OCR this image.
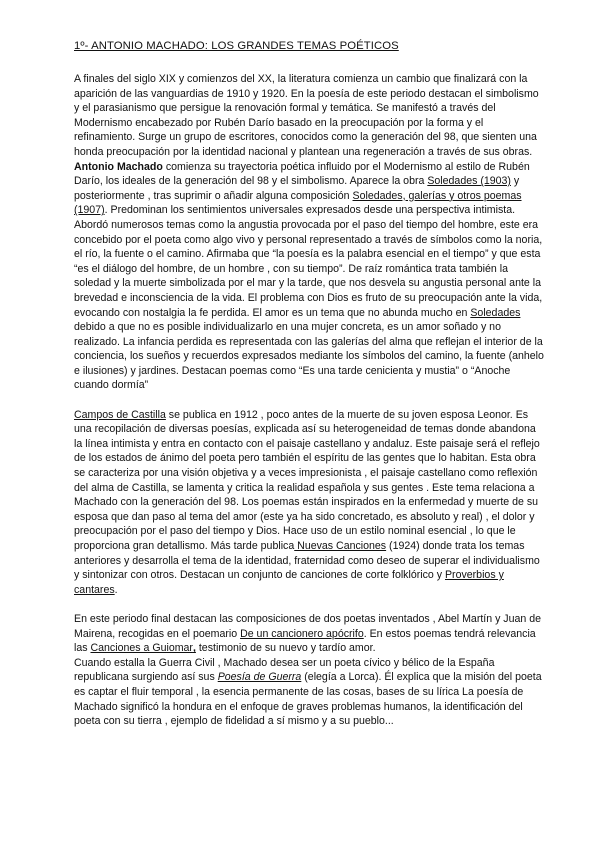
1º- ANTONIO MACHADO: LOS GRANDES TEMAS POÉTICOS

A finales del siglo XIX y comienzos del XX, la literatura comienza un cambio que finalizará con la aparición de las vanguardias de 1910 y 1920. En la poesía de este periodo destacan el simbolismo y el parasianismo que persigue la renovación formal y temática. Se manifestó a través del Modernismo encabezado por Rubén Darío basado en la preocupación por la forma y el refinamiento. Surge un grupo de escritores, conocidos como la generación del 98, que sienten una honda preocupación por la identidad nacional y plantean una regeneración a través de sus obras.

Antonio Machado comienza su trayectoria poética influido por el Modernismo al estilo de Rubén Darío, los ideales de la generación del 98 y el simbolismo. Aparece la obra Soledades (1903) y posteriormente , tras suprimir o añadir alguna composición Soledades, galerías y otros poemas (1907). Predominan los sentimientos universales expresados desde una perspectiva intimista. Abordó numerosos temas como la angustia provocada por el paso del tiempo del hombre, este era concebido por el poeta como algo vivo y personal representado a través de símbolos como la noria, el río, la fuente o el camino. Afirmaba que “la poesía es la palabra esencial en el tiempo” y que esta “es el diálogo del hombre, de un hombre , con su tiempo”. De raíz romántica trata también la soledad y la muerte simbolizada por el mar y la tarde, que nos desvela su angustia personal ante la brevedad e inconsciencia de la vida. El problema con Dios es fruto de su preocupación ante la vida, evocando con nostalgia la fe perdida. El amor es un tema que no abunda mucho en Soledades debido a que no es posible individualizarlo en una mujer concreta, es un amor soñado y no realizado. La infancia perdida es representada con las galerías del alma que reflejan el interior de la conciencia, los sueños y recuerdos expresados mediante los símbolos del camino, la fuente (anhelo e ilusiones) y jardines. Destacan poemas como “Es una tarde cenicienta y mustia” o “Anoche cuando dormía”

Campos de Castilla se publica en 1912 , poco antes de la muerte de su joven esposa Leonor. Es una recopilación de diversas poesías, explicada así su heterogeneidad de temas donde abandona la línea intimista y entra en contacto con el paisaje castellano y andaluz. Este paisaje será el reflejo de los estados de ánimo del poeta pero también el espíritu de las gentes que lo habitan. Esta obra se caracteriza por una visión objetiva y a veces impresionista , el paisaje castellano como reflexión del alma de Castilla, se lamenta y critica la realidad española y sus gentes . Este tema relaciona a Machado con la generación del 98. Los poemas están inspirados en la enfermedad y muerte de su esposa que dan paso al tema del amor (este ya ha sido concretado, es absoluto y real) , el dolor y preocupación por el paso del tiempo y Dios. Hace uso de un estilo nominal esencial , lo que le proporciona gran detallismo. Más tarde publica Nuevas Canciones (1924) donde trata los temas anteriores y desarrolla el tema de la identidad, fraternidad como deseo de superar el individualismo y sintonizar con otros. Destacan un conjunto de canciones de corte folklórico y Proverbios y cantares.

En este periodo final destacan las composiciones de dos poetas inventados , Abel Martín y Juan de Mairena, recogidas en el poemario De un cancionero apócrifo. En estos poemas tendrá relevancia las Canciones a Guiomar, testimonio de su nuevo y tardío amor.
Cuando estalla la Guerra Civil , Machado desea ser un poeta cívico y bélico de la España republicana surgiendo así sus Poesía de Guerra (elegía a Lorca). Él explica que la misión del poeta es captar el fluir temporal , la esencia permanente de las cosas, bases de su lírica La poesía de Machado significó la hondura en el enfoque de graves problemas humanos, la identificación del poeta con su tierra , ejemplo de fidelidad a sí mismo y a su pueblo...
